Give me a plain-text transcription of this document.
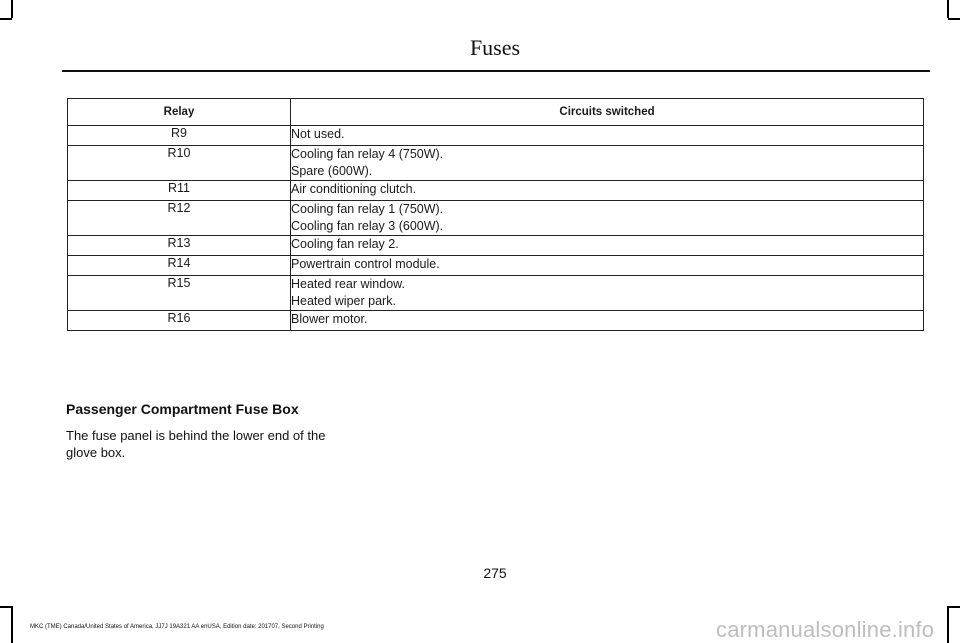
Fuses
Relay	Circuits switched
R9	Not used.

R10	Cooling fan relay 4 (750W).
Spare (600W).

R11	Air conditioning clutch.

R12	Cooling fan relay 1 (750W).
Cooling fan relay 3 (600W).

R13	Cooling fan relay 2.

R14	Powertrain control module.

R15	Heated rear window.
Heated wiper park.

R16	Blower motor.
Passenger Compartment Fuse Box
The fuse panel is behind the lower end of the glove box.
275
MKC (TME) Canada/United States of America, JJ7J 19A321 AA enUSA, Edition date: 201707, Second Printing	carmanualsonline.info
